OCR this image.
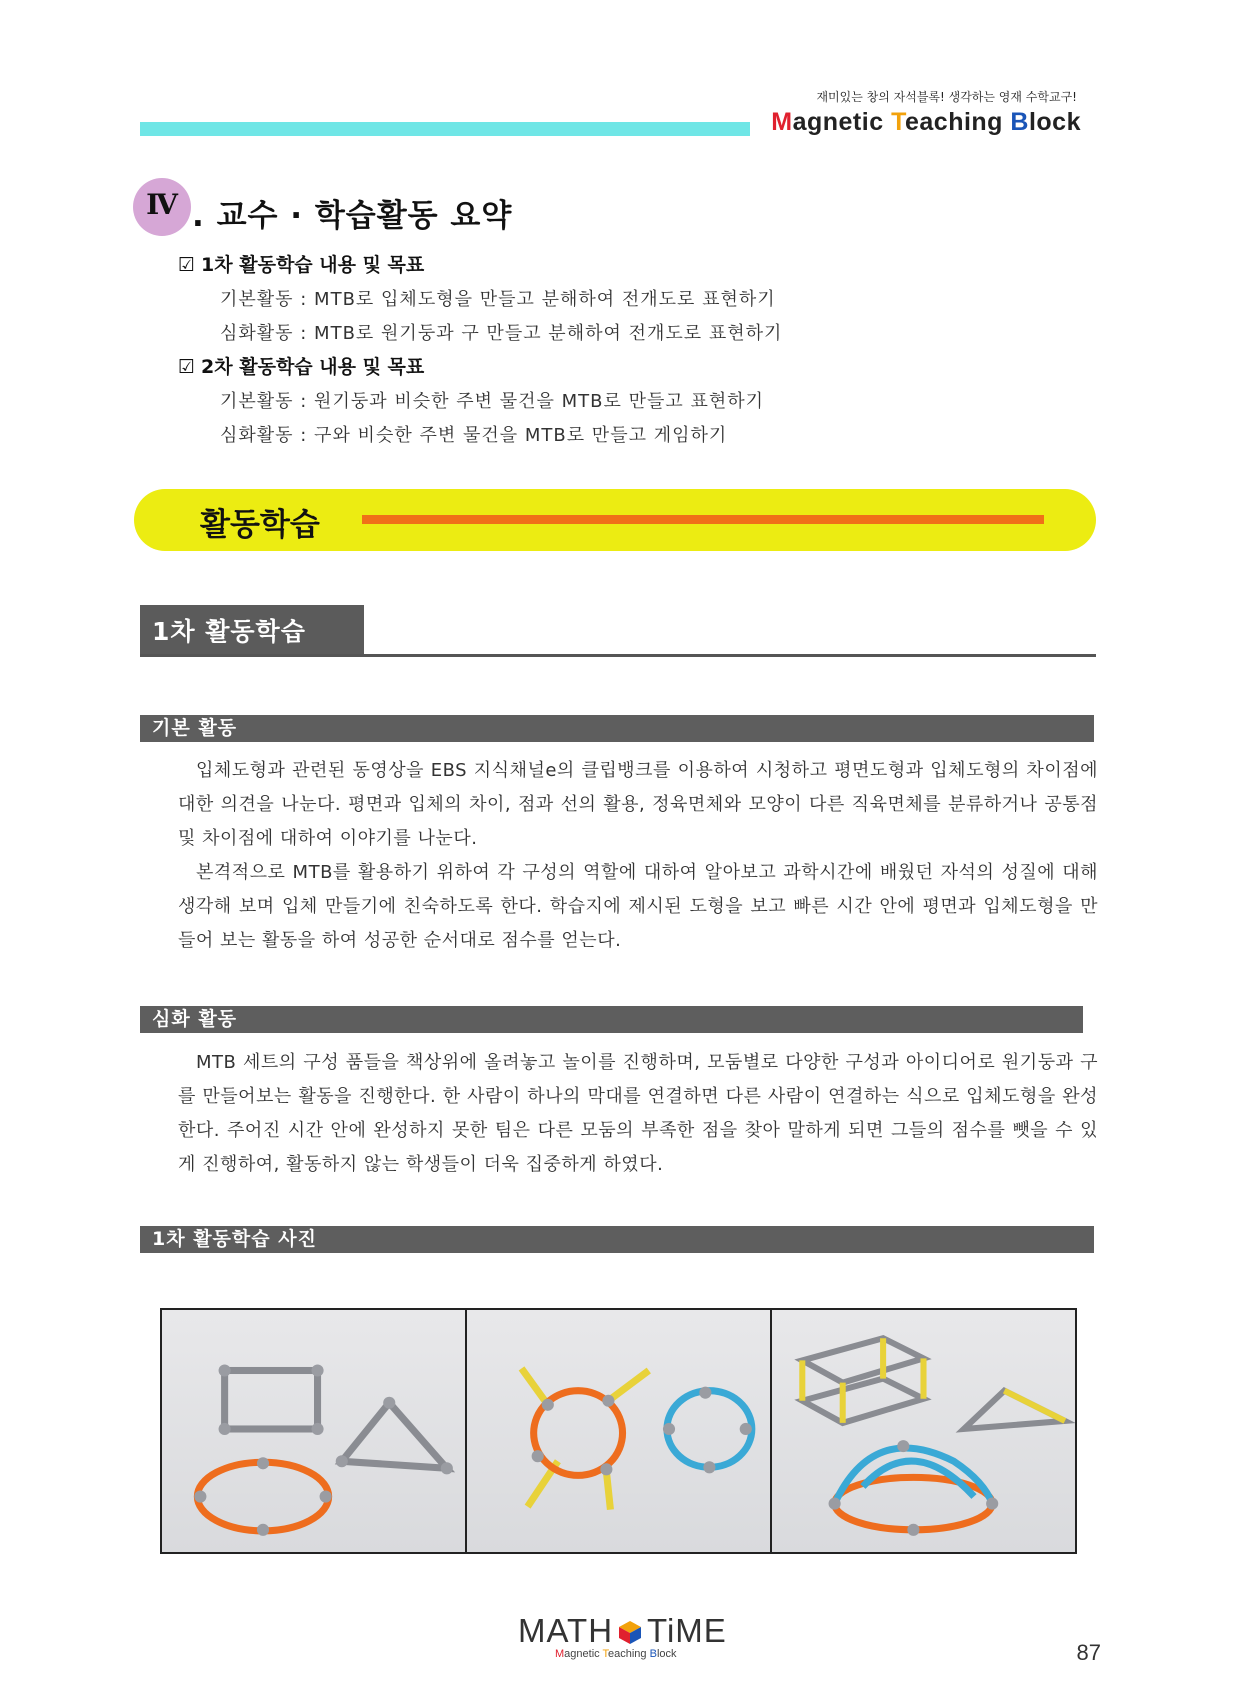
재미있는 창의 자석블록! 생각하는 영재 수학교구!
Magnetic Teaching Block
Ⅳ . 교수 · 학습활동 요약
☑ 1차 활동학습 내용 및 목표
기본활동 : MTB로 입체도형을 만들고 분해하여 전개도로 표현하기
심화활동 : MTB로 원기둥과 구 만들고 분해하여 전개도로 표현하기
☑ 2차 활동학습 내용 및 목표
기본활동 : 원기둥과 비슷한 주변 물건을 MTB로 만들고 표현하기
심화활동 : 구와 비슷한 주변 물건을 MTB로 만들고 게임하기
활동학습
1차 활동학습
기본 활동

입체도형과 관련된 동영상을 EBS 지식채널e의 클립뱅크를 이용하여 시청하고 평면도형과 입체도형의 차이점에 대한 의견을 나눈다. 평면과 입체의 차이, 점과 선의 활용, 정육면체와 모양이 다른 직육면체를 분류하거나 공통점 및 차이점에 대하여 이야기를 나눈다.

본격적으로 MTB를 활용하기 위하여 각 구성의 역할에 대하여 알아보고 과학시간에 배웠던 자석의 성질에 대해 생각해 보며 입체 만들기에 친숙하도록 한다. 학습지에 제시된 도형을 보고 빠른 시간 안에 평면과 입체도형을 만들어 보는 활동을 하여 성공한 순서대로 점수를 얻는다.

심화 활동

MTB 세트의 구성 품들을 책상위에 올려놓고 놀이를 진행하며, 모둠별로 다양한 구성과 아이디어로 원기둥과 구를 만들어보는 활동을 진행한다. 한 사람이 하나의 막대를 연결하면 다른 사람이 연결하는 식으로 입체도형을 완성한다. 주어진 시간 안에 완성하지 못한 팀은 다른 모둠의 부족한 점을 찾아 말하게 되면 그들의 점수를 뺏을 수 있게 진행하여, 활동하지 않는 학생들이 더욱 집중하게 하였다.

1차 활동학습 사진
MATH TiME
Magnetic Teaching Block	87
